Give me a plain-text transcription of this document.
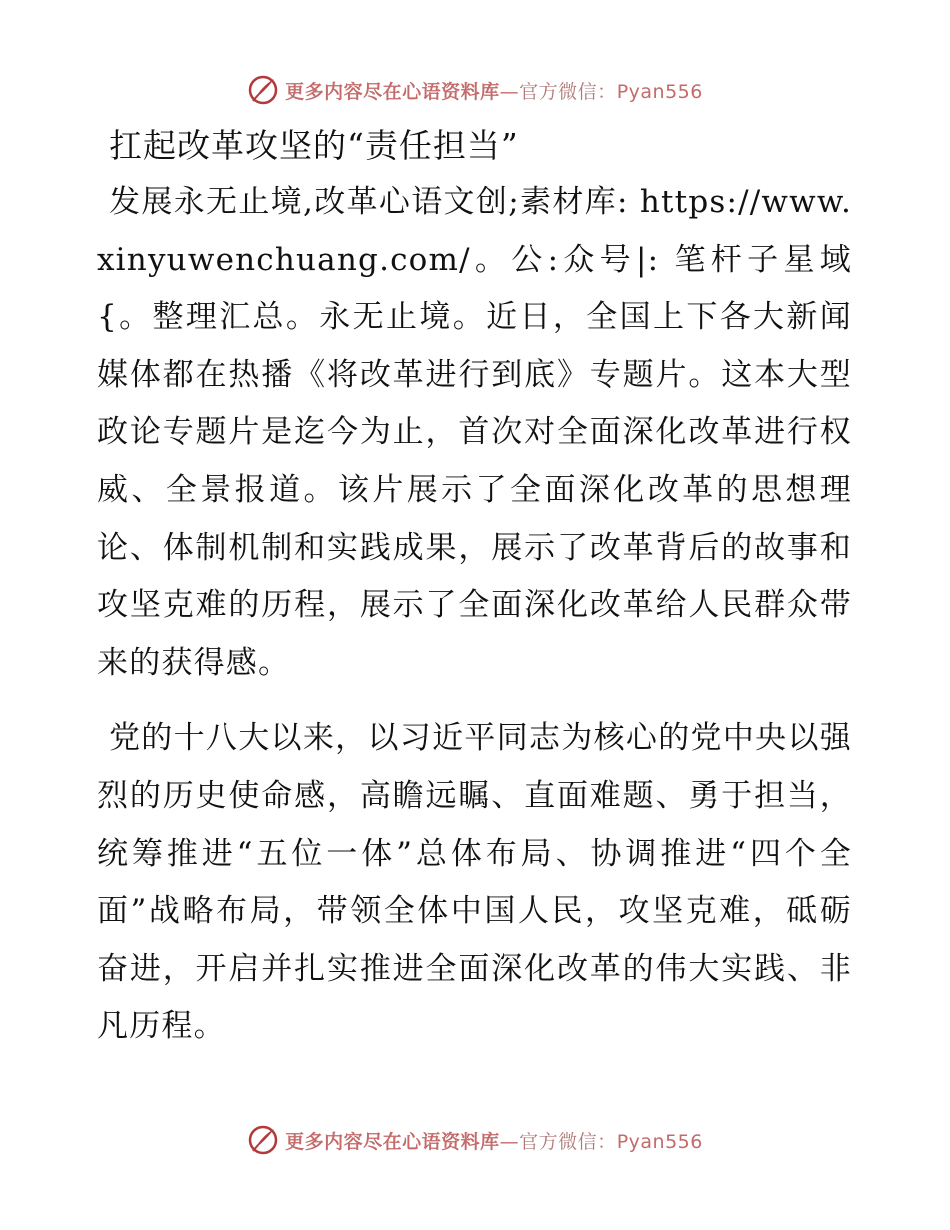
更多内容尽在心语资料库—官方微信：Pyan556
扛起改革攻坚的“责任担当”

发展永无止境,改革心语文创;素材库: https://www.xinyuwenchuang.com/。公:众号|: 笔杆子星域{。整理汇总。永无止境。近日，全国上下各大新闻媒体都在热播《将改革进行到底》专题片。这本大型政论专题片是迄今为止，首次对全面深化改革进行权威、全景报道。该片展示了全面深化改革的思想理论、体制机制和实践成果，展示了改革背后的故事和攻坚克难的历程，展示了全面深化改革给人民群众带来的获得感。

党的十八大以来，以习近平同志为核心的党中央以强烈的历史使命感，高瞻远瞩、直面难题、勇于担当，统筹推进“五位一体”总体布局、协调推进“四个全面”战略布局，带领全体中国人民，攻坚克难，砥砺奋进，开启并扎实推进全面深化改革的伟大实践、非凡历程。

更多内容尽在心语资料库—官方微信：Pyan556
